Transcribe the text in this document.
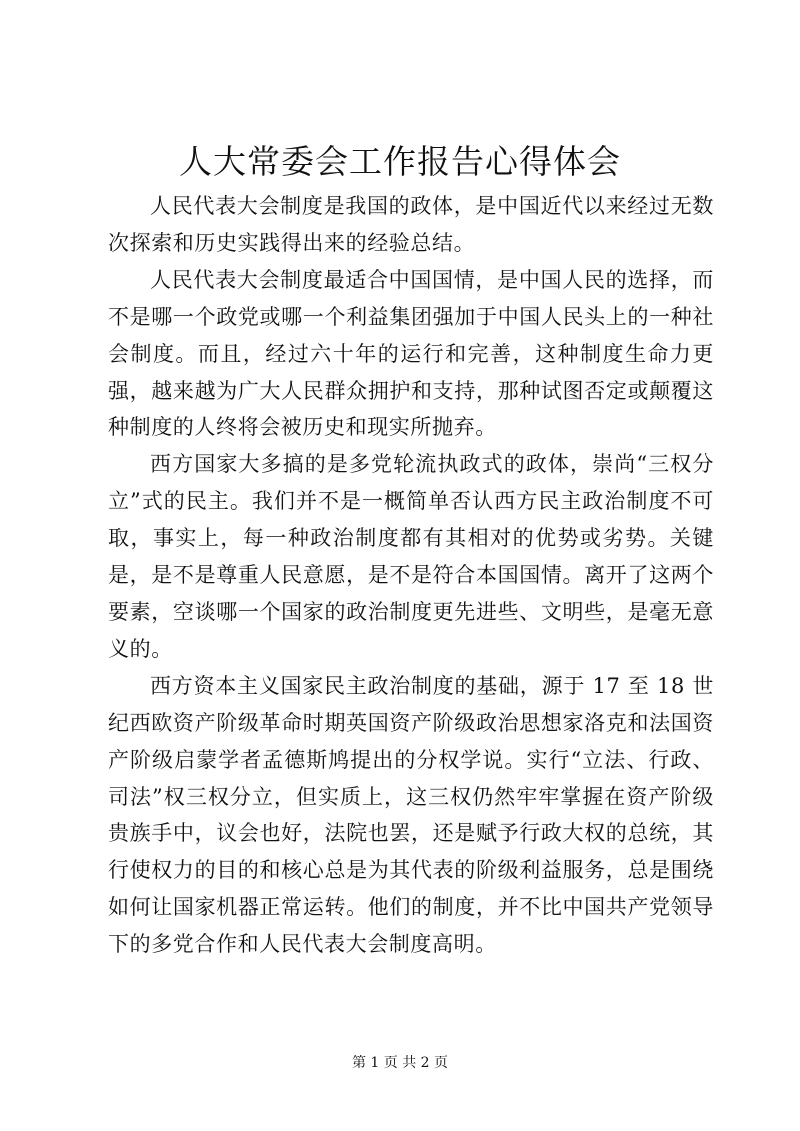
人大常委会工作报告心得体会

人民代表大会制度是我国的政体，是中国近代以来经过无数次探索和历史实践得出来的经验总结。

人民代表大会制度最适合中国国情，是中国人民的选择，而不是哪一个政党或哪一个利益集团强加于中国人民头上的一种社会制度。而且，经过六十年的运行和完善，这种制度生命力更强，越来越为广大人民群众拥护和支持，那种试图否定或颠覆这种制度的人终将会被历史和现实所抛弃。

西方国家大多搞的是多党轮流执政式的政体，崇尚“三权分立”式的民主。我们并不是一概简单否认西方民主政治制度不可取，事实上，每一种政治制度都有其相对的优势或劣势。关键是，是不是尊重人民意愿，是不是符合本国国情。离开了这两个要素，空谈哪一个国家的政治制度更先进些、文明些，是毫无意义的。

西方资本主义国家民主政治制度的基础，源于 17 至 18 世纪西欧资产阶级革命时期英国资产阶级政治思想家洛克和法国资产阶级启蒙学者孟德斯鸠提出的分权学说。实行“立法、行政、司法”权三权分立，但实质上，这三权仍然牢牢掌握在资产阶级贵族手中，议会也好，法院也罢，还是赋予行政大权的总统，其行使权力的目的和核心总是为其代表的阶级利益服务，总是围绕如何让国家机器正常运转。他们的制度，并不比中国共产党领导下的多党合作和人民代表大会制度高明。

第 1 页 共 2 页
